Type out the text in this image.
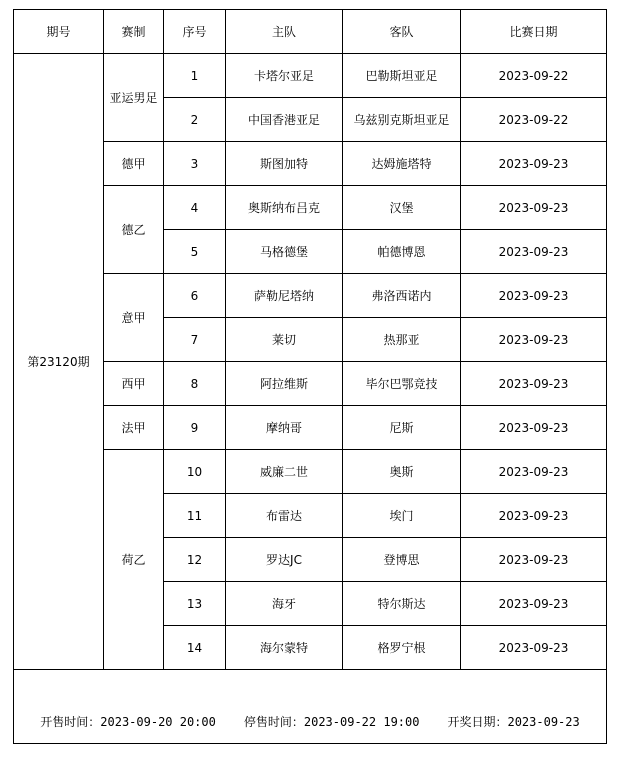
期号	赛制	序号	主队	客队	比赛日期
第23120期	亚运男足	1	卡塔尔亚足	巴勒斯坦亚足	2023-09-22
		2	中国香港亚足	乌兹别克斯坦亚足	2023-09-22
	德甲	3	斯图加特	达姆施塔特	2023-09-23
	德乙	4	奥斯纳布吕克	汉堡	2023-09-23
		5	马格德堡	帕德博恩	2023-09-23
	意甲	6	萨勒尼塔纳	弗洛西诺内	2023-09-23
		7	莱切	热那亚	2023-09-23
	西甲	8	阿拉维斯	毕尔巴鄂竞技	2023-09-23
	法甲	9	摩纳哥	尼斯	2023-09-23
	荷乙	10	威廉二世	奥斯	2023-09-23
		11	布雷达	埃门	2023-09-23
		12	罗达JC	登博思	2023-09-23
		13	海牙	特尔斯达	2023-09-23
		14	海尔蒙特	格罗宁根	2023-09-23

开售时间：2023-09-20 20:00 停售时间：2023-09-22 19:00 开奖日期：2023-09-23					
